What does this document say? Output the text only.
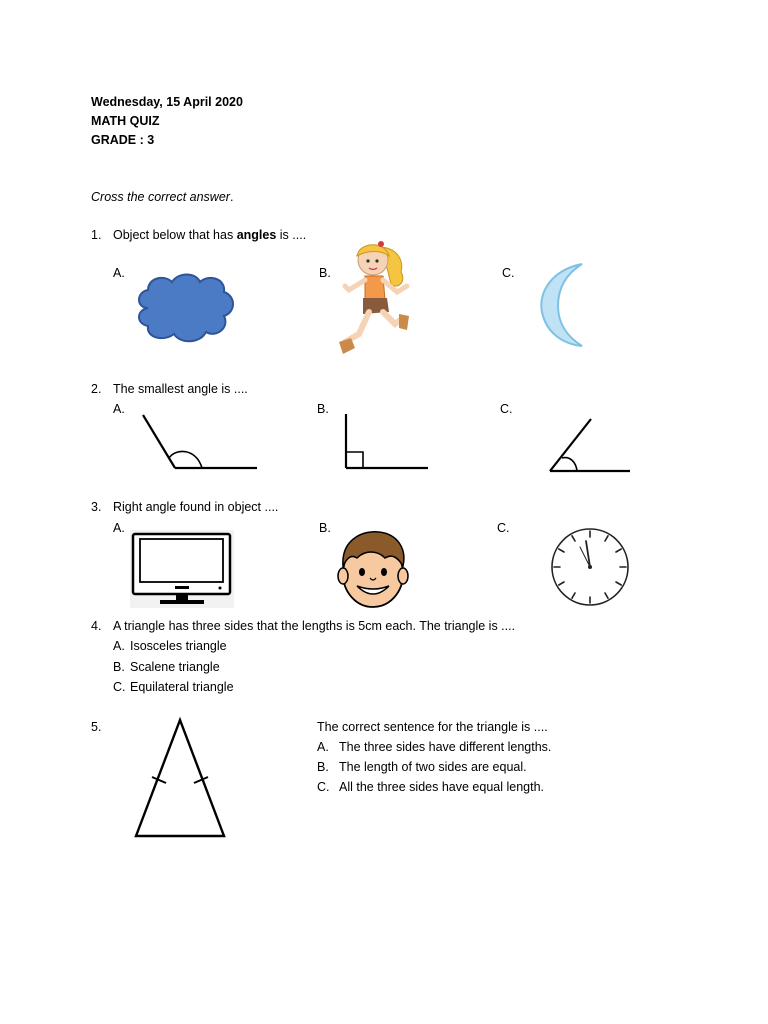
Wednesday, 15 April 2020
MATH QUIZ
GRADE : 3
Cross the correct answer.
1. Object below that has angles is ....
A.	B.	C.
2. The smallest angle is ....
A.	B.	C.
3. Right angle found in object ....
A.	B.	C.
4. A triangle has three sides that the lengths is 5cm each. The triangle is ....
A. Isosceles triangle
B. Scalene triangle
C. Equilateral triangle
5.	The correct sentence for the triangle is ....
A. The three sides have different lengths.
B. The length of two sides are equal.
C. All the three sides have equal length.
